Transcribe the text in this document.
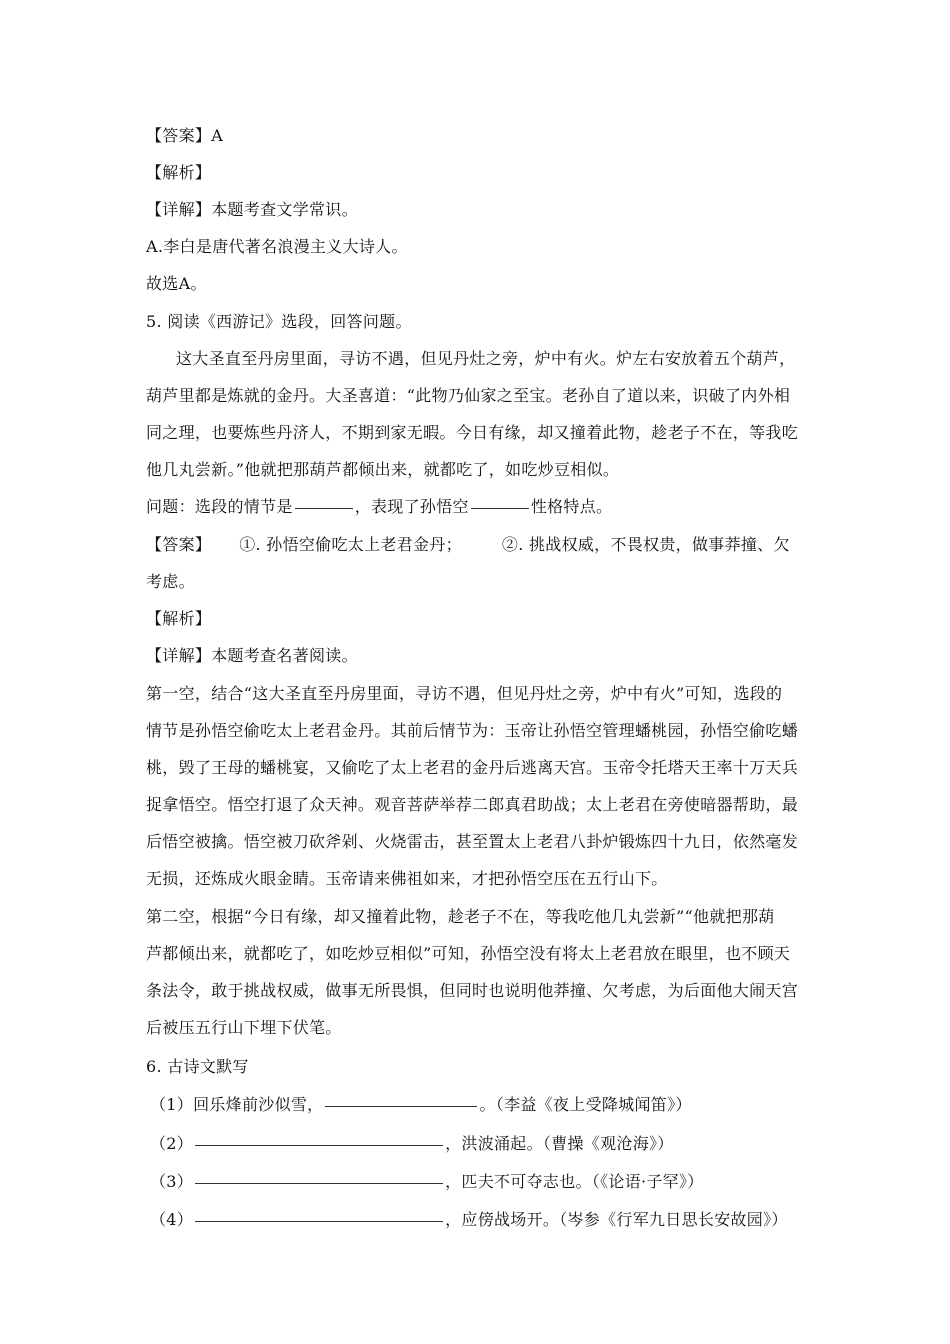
【答案】A
【解析】
【详解】本题考查文学常识。
A.李白是唐代著名浪漫主义大诗人。
故选A。
5. 阅读《西游记》选段，回答问题。
这大圣直至丹房里面，寻访不遇，但见丹灶之旁，炉中有火。炉左右安放着五个葫芦，
葫芦里都是炼就的金丹。大圣喜道：“此物乃仙家之至宝。老孙自了道以来，识破了内外相
同之理，也要炼些丹济人，不期到家无暇。今日有缘，却又撞着此物，趁老子不在，等我吃
他几丸尝新。”他就把那葫芦都倾出来，就都吃了，如吃炒豆相似。
问题：选段的情节是	，表现了孙悟空	性格特点。
【答案】 ①. 孙悟空偷吃太上老君金丹；	②. 挑战权威，不畏权贵，做事莽撞、欠
考虑。
【解析】
【详解】本题考查名著阅读。
第一空，结合“这大圣直至丹房里面，寻访不遇，但见丹灶之旁，炉中有火”可知，选段的
情节是孙悟空偷吃太上老君金丹。其前后情节为：玉帝让孙悟空管理蟠桃园，孙悟空偷吃蟠
桃，毁了王母的蟠桃宴，又偷吃了太上老君的金丹后逃离天宫。玉帝令托塔天王率十万天兵
捉拿悟空。悟空打退了众天神。观音菩萨举荐二郎真君助战；太上老君在旁使暗器帮助，最
后悟空被擒。悟空被刀砍斧剁、火烧雷击，甚至置太上老君八卦炉锻炼四十九日，依然毫发
无损，还炼成火眼金睛。玉帝请来佛祖如来，才把孙悟空压在五行山下。
第二空，根据“今日有缘，却又撞着此物，趁老子不在，等我吃他几丸尝新”“他就把那葫
芦都倾出来，就都吃了，如吃炒豆相似”可知，孙悟空没有将太上老君放在眼里，也不顾天
条法令，敢于挑战权威，做事无所畏惧，但同时也说明他莽撞、欠考虑，为后面他大闹天宫
后被压五行山下埋下伏笔。
6. 古诗文默写
（1）回乐烽前沙似雪，	。（李益《夜上受降城闻笛》）
（2）	，洪波涌起。（曹操《观沧海》）
（3）	，匹夫不可夺志也。（《论语·子罕》）
（4）	，应傍战场开。（岑参《行军九日思长安故园》）
